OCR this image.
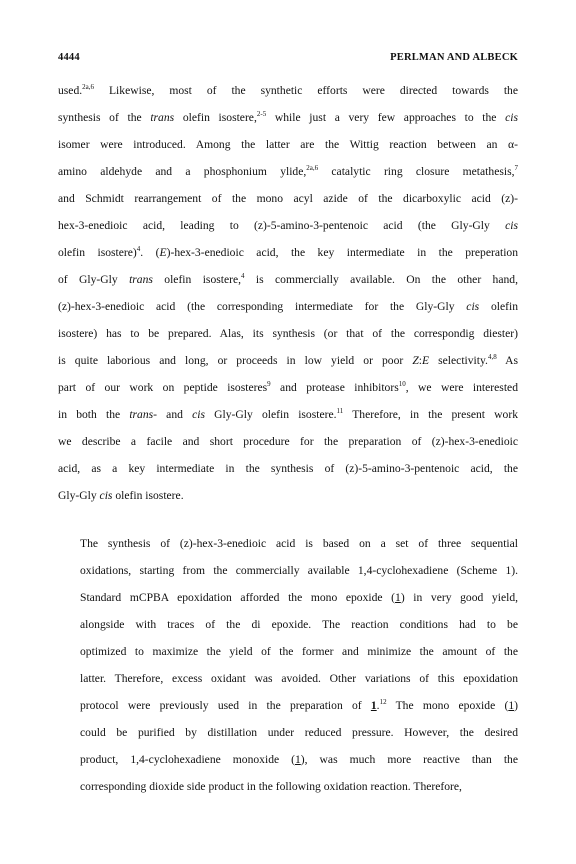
4444	PERLMAN AND ALBECK
used.$^{2a,6}$ Likewise, most of the synthetic efforts were directed towards the
synthesis of the trans olefin isostere,$^{2-5}$ while just a very few approaches to the cis
isomer were introduced. Among the latter are the Wittig reaction between an α-
amino aldehyde and a phosphonium ylide,$^{2a,6}$ catalytic ring closure metathesis,$^7$
and Schmidt rearrangement of the mono acyl azide of the dicarboxylic acid (z)-
hex-3-enedioic acid, leading to (z)-5-amino-3-pentenoic acid (the Gly-Gly cis
olefin isostere)$^4$. (E)-hex-3-enedioic acid, the key intermediate in the preperation
of Gly-Gly trans olefin isostere,$^4$ is commercially available. On the other hand,
(z)-hex-3-enedioic acid (the corresponding intermediate for the Gly-Gly cis olefin
isostere) has to be prepared. Alas, its synthesis (or that of the correspondig diester)
is quite laborious and long, or proceeds in low yield or poor Z:E selectivity.$^{4,8}$ As
part of our work on peptide isosteres$^9$ and protease inhibitors$^{10}$, we were interested
in both the trans- and cis Gly-Gly olefin isostere.$^{11}$ Therefore, in the present work
we describe a facile and short procedure for the preparation of (z)-hex-3-enedioic
acid, as a key intermediate in the synthesis of (z)-5-amino-3-pentenoic acid, the
Gly-Gly cis olefin isostere.
The synthesis of (z)-hex-3-enedioic acid is based on a set of three sequential
oxidations, starting from the commercially available 1,4-cyclohexadiene (Scheme 1).
Standard mCPBA epoxidation afforded the mono epoxide (1) in very good yield,
alongside with traces of the di epoxide. The reaction conditions had to be
optimized to maximize the yield of the former and minimize the amount of the
latter. Therefore, excess oxidant was avoided. Other variations of this epoxidation
protocol were previously used in the preparation of 1.12 The mono epoxide (1)
could be purified by distillation under reduced pressure. However, the desired
product, 1,4-cyclohexadiene monoxide (1), was much more reactive than the
corresponding dioxide side product in the following oxidation reaction. Therefore,
